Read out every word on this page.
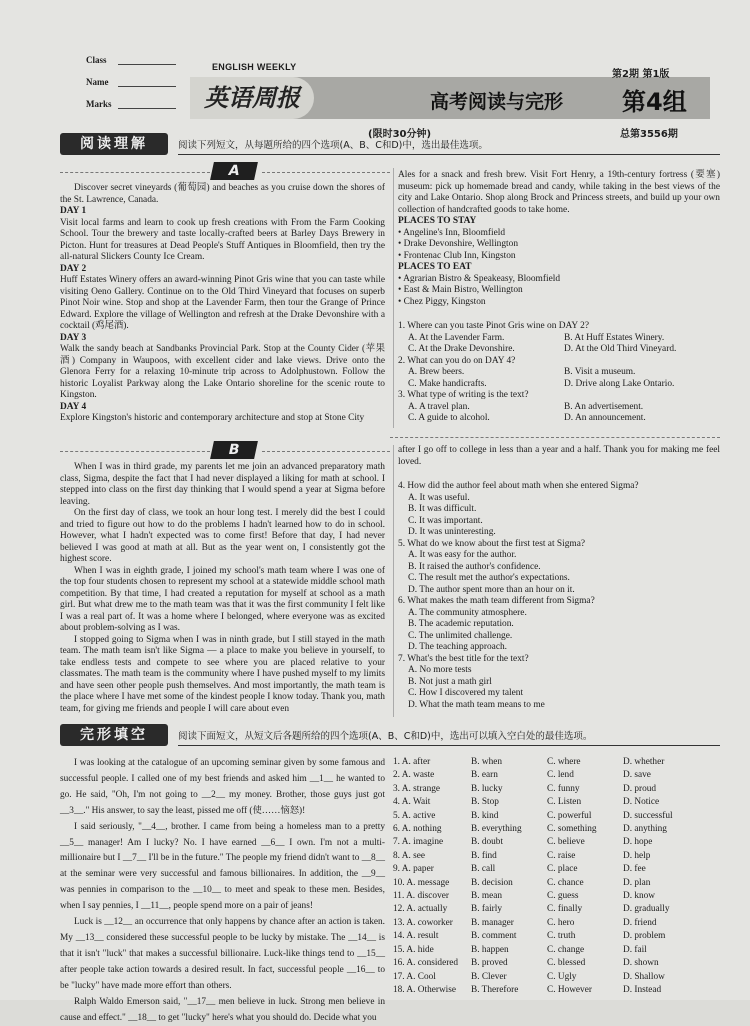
Class
Name
Marks
ENGLISH WEEKLY
英语周报	高考阅读与完形
第2期 第1版
第4组
(限时30分钟)	总第3556期
阅读理解	阅读下列短文，从每题所给的四个选项(A、B、C和D)中，选出最佳选项。
A

Discover secret vineyards (葡萄园) and beaches as you cruise down the shores of the St. Lawrence, Canada.

DAY 1

Visit local farms and learn to cook up fresh creations with From the Farm Cooking School. Tour the brewery and taste locally-crafted beers at Barley Days Brewery in Picton. Hunt for treasures at Dead People's Stuff Antiques in Bloomfield, then try the all-natural Slickers County Ice Cream.

DAY 2

Huff Estates Winery offers an award-winning Pinot Gris wine that you can taste while visiting Oeno Gallery. Continue on to the Old Third Vineyard that focuses on superb Pinot Noir wine. Stop and shop at the Lavender Farm, then tour the Grange of Prince Edward. Explore the village of Wellington and refresh at the Drake Devonshire with a cocktail (鸡尾酒).

DAY 3

Walk the sandy beach at Sandbanks Provincial Park. Stop at the County Cider (苹果酒) Company in Waupoos, with excellent cider and lake views. Drive onto the Glenora Ferry for a relaxing 10-minute trip across to Adolphustown. Follow the historic Loyalist Parkway along the Lake Ontario shoreline for the scenic route to Kingston.

DAY 4

Explore Kingston's historic and contemporary architecture and stop at Stone City

Ales for a snack and fresh brew. Visit Fort Henry, a 19th-century fortress (要塞) museum: pick up homemade bread and candy, while taking in the best views of the city and Lake Ontario. Shop along Brock and Princess streets, and build up your own collection of handcrafted goods to take home.

PLACES TO STAY

• Angeline's Inn, Bloomfield

• Drake Devonshire, Wellington

• Frontenac Club Inn, Kingston

PLACES TO EAT

• Agrarian Bistro & Speakeasy, Bloomfield

• East & Main Bistro, Wellington

• Chez Piggy, Kingston

1. Where can you taste Pinot Gris wine on DAY 2?

A. At the Lavender Farm.	B. At Huff Estates Winery.
C. At the Drake Devonshire.	D. At the Old Third Vineyard.

2. What can you do on DAY 4?

A. Brew beers.	B. Visit a museum.
C. Make handicrafts.	D. Drive along Lake Ontario.

3. What type of writing is the text?

A. A travel plan.	B. An advertisement.
C. A guide to alcohol.	D. An announcement.
B

When I was in third grade, my parents let me join an advanced preparatory math class, Sigma, despite the fact that I had never displayed a liking for math at school. I stepped into class on the first day thinking that I would spend a year at Sigma before leaving.

On the first day of class, we took an hour long test. I merely did the best I could and tried to figure out how to do the problems I hadn't learned how to do in school. However, what I hadn't expected was to come first! Before that day, I had never believed I was good at math at all. But as the year went on, I consistently got the highest score.

When I was in eighth grade, I joined my school's math team where I was one of the top four students chosen to represent my school at a statewide middle school math competition. By that time, I had created a reputation for myself at school as a math girl. But what drew me to the math team was that it was the first community I felt like I was a real part of. It was a home where I belonged, where everyone was as excited about problem-solving as I was.

I stopped going to Sigma when I was in ninth grade, but I still stayed in the math team. The math team isn't like Sigma — a place to make you believe in yourself, to take endless tests and compete to see where you are placed relative to your classmates. The math team is the community where I have pushed myself to my limits and have seen other people push themselves. And most importantly, the math team is the place where I have met some of the kindest people I know today. Thank you, math team, for giving me friends and people I will care about even

after I go off to college in less than a year and a half. Thank you for making me feel loved.

4. How did the author feel about math when she entered Sigma?

A. It was useful.

B. It was difficult.

C. It was important.

D. It was uninteresting.

5. What do we know about the first test at Sigma?

A. It was easy for the author.

B. It raised the author's confidence.

C. The result met the author's expectations.

D. The author spent more than an hour on it.

6. What makes the math team different from Sigma?

A. The community atmosphere.

B. The academic reputation.

C. The unlimited challenge.

D. The teaching approach.

7. What's the best title for the text?

A. No more tests

B. Not just a math girl

C. How I discovered my talent

D. What the math team means to me

完形填空	阅读下面短文，从短文后各题所给的四个选项(A、B、C和D)中，选出可以填入空白处的最佳选项。

I was looking at the catalogue of an upcoming seminar given by some famous and successful people. I called one of my best friends and asked him __1__ he wanted to go. He said, "Oh, I'm not going to __2__ my money. Brother, those guys just got __3__." His answer, to say the least, pissed me off (使……恼怒)!

I said seriously, "__4__, brother. I came from being a homeless man to a pretty __5__ manager! Am I lucky? No. I have earned __6__ I own. I'm not a multi-millionaire but I __7__ I'll be in the future." The people my friend didn't want to __8__ at the seminar were very successful and famous billionaires. In addition, the __9__ was pennies in comparison to the __10__ to meet and speak to these men. Besides, when I say pennies, I __11__, people spend more on a pair of jeans!

Luck is __12__ an occurrence that only happens by chance after an action is taken. My __13__ considered these successful people to be lucky by mistake. The __14__ is that it isn't "luck" that makes a successful billionaire. Luck-like things tend to __15__ after people take action towards a desired result. In fact, successful people __16__ to be "lucky" have made more effort than others.

Ralph Waldo Emerson said, "__17__ men believe in luck. Strong men believe in cause and effect." __18__ to get "lucky" here's what you should do. Decide what you

1. A. after	B. when	C. where	D. whether
2. A. waste	B. earn	C. lend	D. save
3. A. strange	B. lucky	C. funny	D. proud
4. A. Wait	B. Stop	C. Listen	D. Notice
5. A. active	B. kind	C. powerful	D. successful
6. A. nothing	B. everything	C. something	D. anything
7. A. imagine	B. doubt	C. believe	D. hope
8. A. see	B. find	C. raise	D. help
9. A. paper	B. call	C. place	D. fee
10. A. message	B. decision	C. chance	D. plan
11. A. discover	B. mean	C. guess	D. know
12. A. actually	B. fairly	C. finally	D. gradually
13. A. coworker	B. manager	C. hero	D. friend
14. A. result	B. comment	C. truth	D. problem
15. A. hide	B. happen	C. change	D. fail
16. A. considered	B. proved	C. blessed	D. shown
17. A. Cool	B. Clever	C. Ugly	D. Shallow
18. A. Otherwise	B. Therefore	C. However	D. Instead
